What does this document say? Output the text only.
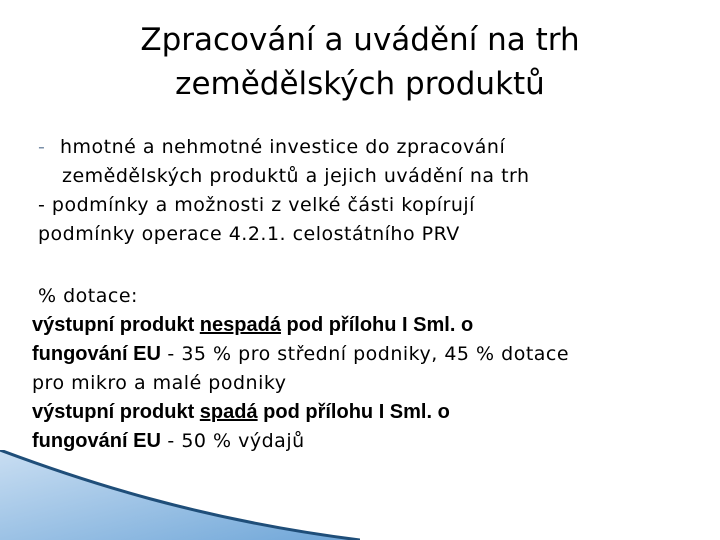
Zpracování a uvádění na trh
zemědělských produktů
- hmotné a nehmotné investice do zpracování
zemědělských produktů a jejich uvádění na trh
- podmínky a možnosti z velké části kopírují
podmínky operace 4.2.1. celostátního PRV
% dotace:
výstupní produkt nespadá pod přílohu I Sml. o
fungování EU - 35 % pro střední podniky, 45 % dotace
pro mikro a malé podniky
výstupní produkt spadá pod přílohu I Sml. o
fungování EU - 50 % výdajů
